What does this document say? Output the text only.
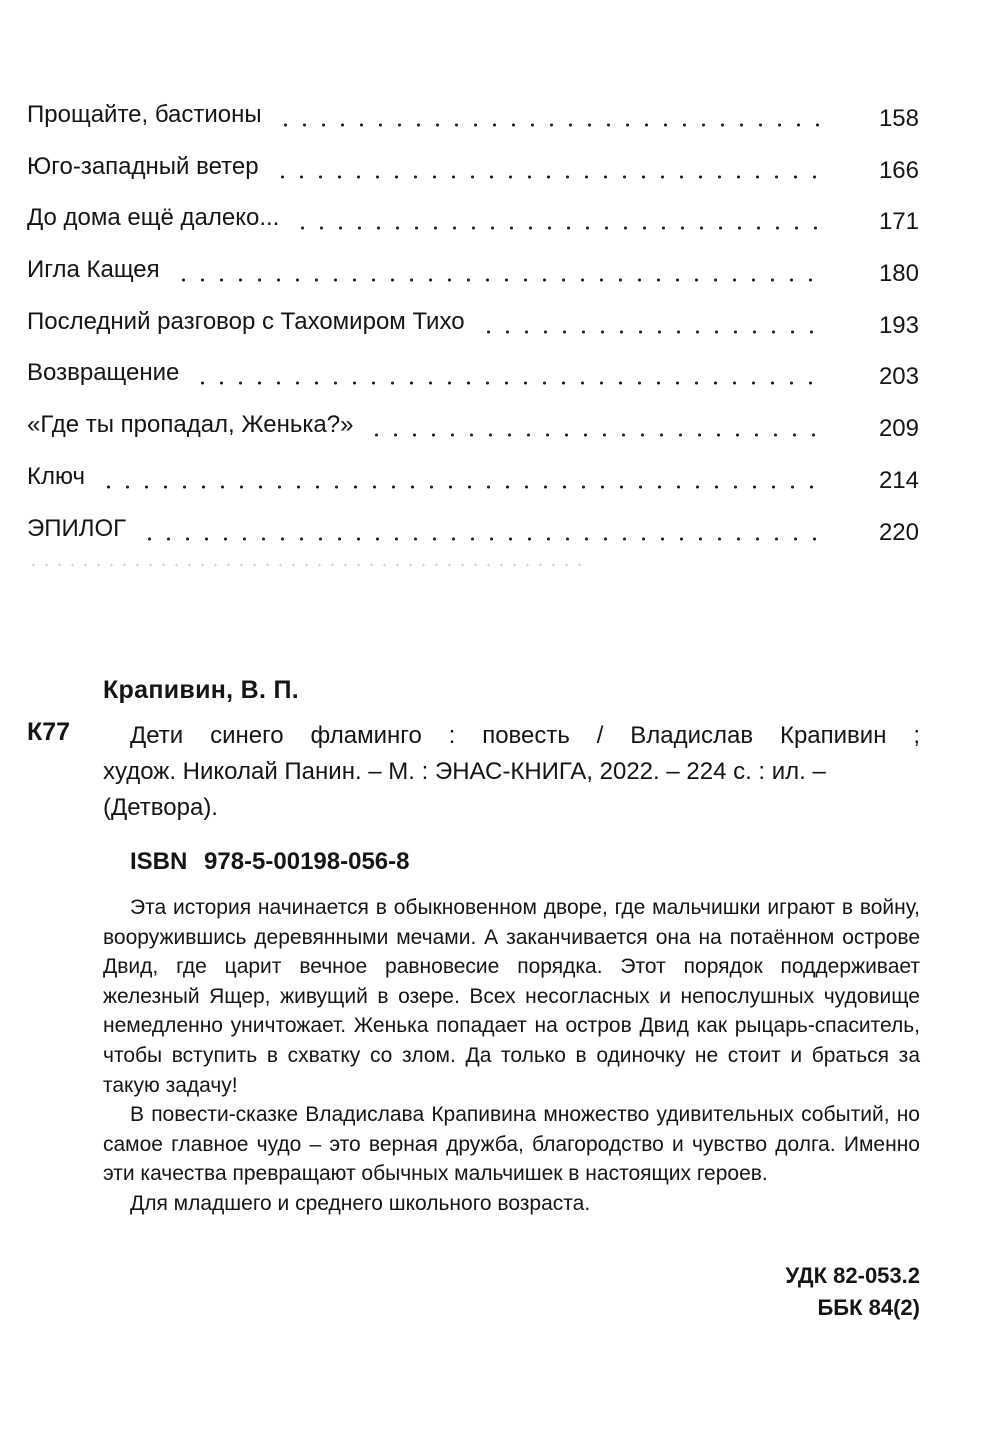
Прощайте, бастионы	158
Юго-западный ветер	166
До дома ещё далеко...	171
Игла Кащея	180
Последний разговор с Тахомиром Тихо	193
Возвращение	203
«Где ты пропадал, Женька?»	209
Ключ	214
ЭПИЛОГ	220
Крапивин, В. П.
К77 Дети синего фламинго : повесть / Владислав Крапивин ;
худож. Николай Панин. – М. : ЭНАС-КНИГА, 2022. – 224 с. : ил. –
(Детвора).
ISBN 978-5-00198-056-8

Эта история начинается в обыкновенном дворе, где мальчишки играют в войну, вооружившись деревянными мечами. А заканчивается она на потаённом острове Двид, где царит вечное равновесие порядка. Этот порядок поддерживает железный Ящер, живущий в озере. Всех несогласных и непослушных чудовище немедленно уничтожает. Женька попадает на остров Двид как рыцарь-спаситель, чтобы вступить в схватку со злом. Да только в одиночку не стоит и браться за такую задачу!

В повести-сказке Владислава Крапивина множество удивительных событий, но самое главное чудо – это верная дружба, благородство и чувство долга. Именно эти качества превращают обычных мальчишек в настоящих героев.

Для младшего и среднего школьного возраста.

УДК 82-053.2
ББК 84(2)
